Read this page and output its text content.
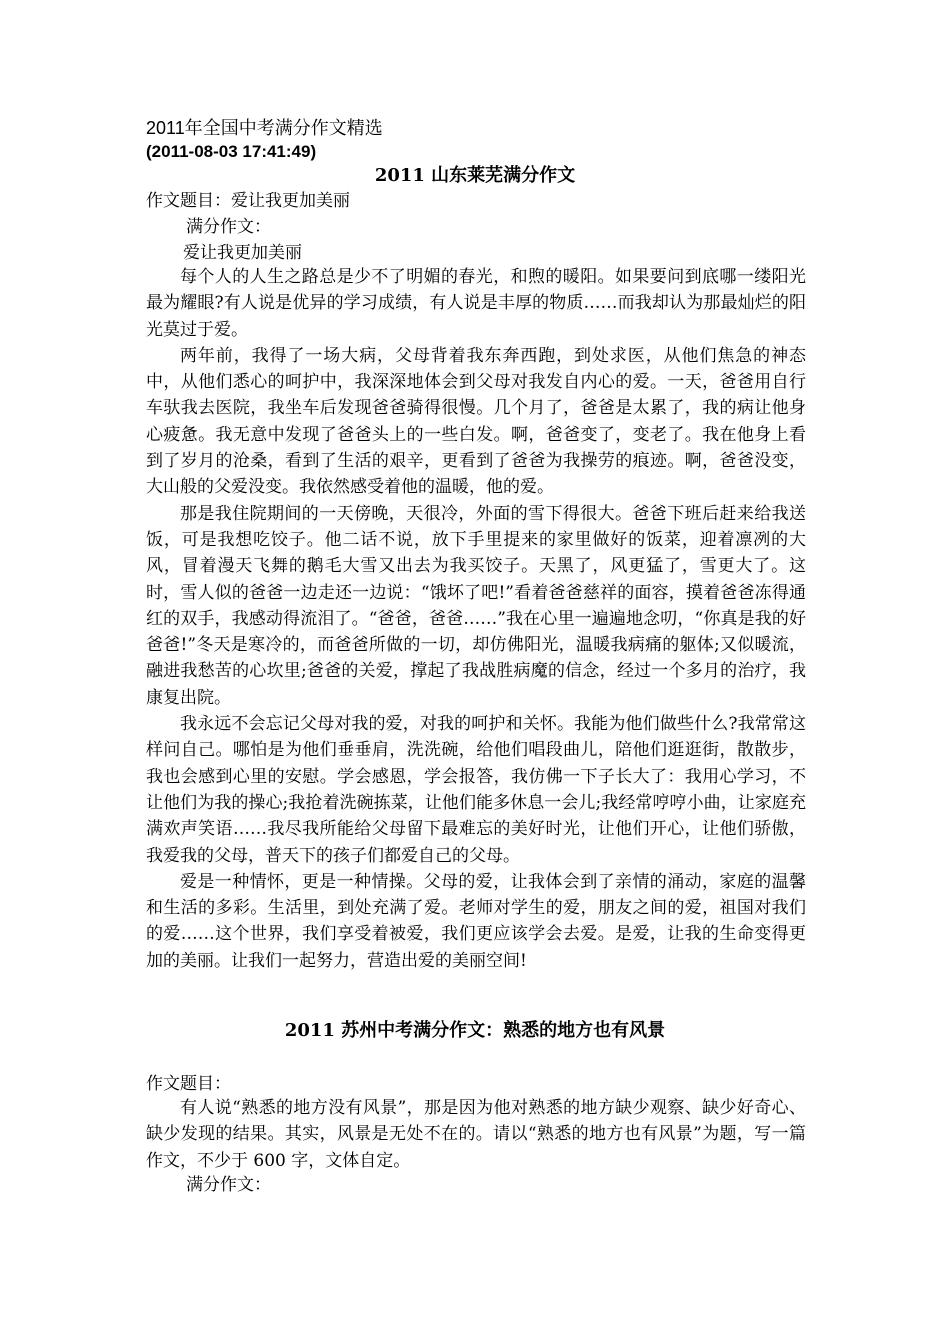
2011年全国中考满分作文精选
(2011-08-03 17:41:49)
2011 山东莱芜满分作文
作文题目：爱让我更加美丽
满分作文：
爱让我更加美丽

每个人的人生之路总是少不了明媚的春光，和煦的暖阳。如果要问到底哪一缕阳光最为耀眼?有人说是优异的学习成绩，有人说是丰厚的物质……而我却认为那最灿烂的阳光莫过于爱。

两年前，我得了一场大病，父母背着我东奔西跑，到处求医，从他们焦急的神态中，从他们悉心的呵护中，我深深地体会到父母对我发自内心的爱。一天，爸爸用自行车驮我去医院，我坐车后发现爸爸骑得很慢。几个月了，爸爸是太累了，我的病让他身心疲惫。我无意中发现了爸爸头上的一些白发。啊，爸爸变了，变老了。我在他身上看到了岁月的沧桑，看到了生活的艰辛，更看到了爸爸为我操劳的痕迹。啊，爸爸没变，大山般的父爱没变。我依然感受着他的温暖，他的爱。

那是我住院期间的一天傍晚，天很冷，外面的雪下得很大。爸爸下班后赶来给我送饭，可是我想吃饺子。他二话不说，放下手里提来的家里做好的饭菜，迎着凛冽的大风，冒着漫天飞舞的鹅毛大雪又出去为我买饺子。天黑了，风更猛了，雪更大了。这时，雪人似的爸爸一边走还一边说：“饿坏了吧!”看着爸爸慈祥的面容，摸着爸爸冻得通红的双手，我感动得流泪了。“爸爸，爸爸……”我在心里一遍遍地念叨，“你真是我的好爸爸!”冬天是寒冷的，而爸爸所做的一切，却仿佛阳光，温暖我病痛的躯体;又似暖流，融进我愁苦的心坎里;爸爸的关爱，撑起了我战胜病魔的信念，经过一个多月的治疗，我康复出院。

我永远不会忘记父母对我的爱，对我的呵护和关怀。我能为他们做些什么?我常常这样问自己。哪怕是为他们垂垂肩，洗洗碗，给他们唱段曲儿，陪他们逛逛街，散散步，我也会感到心里的安慰。学会感恩，学会报答，我仿佛一下子长大了：我用心学习，不让他们为我的操心;我抢着洗碗拣菜，让他们能多休息一会儿;我经常哼哼小曲，让家庭充满欢声笑语……我尽我所能给父母留下最难忘的美好时光，让他们开心，让他们骄傲，我爱我的父母，普天下的孩子们都爱自己的父母。

爱是一种情怀，更是一种情操。父母的爱，让我体会到了亲情的涌动，家庭的温馨和生活的多彩。生活里，到处充满了爱。老师对学生的爱，朋友之间的爱，祖国对我们的爱……这个世界，我们享受着被爱，我们更应该学会去爱。是爱，让我的生命变得更加的美丽。让我们一起努力，营造出爱的美丽空间!

2011 苏州中考满分作文：熟悉的地方也有风景
作文题目：

有人说“熟悉的地方没有风景”，那是因为他对熟悉的地方缺少观察、缺少好奇心、缺少发现的结果。其实，风景是无处不在的。请以“熟悉的地方也有风景”为题，写一篇作文，不少于 600 字，文体自定。

满分作文：
